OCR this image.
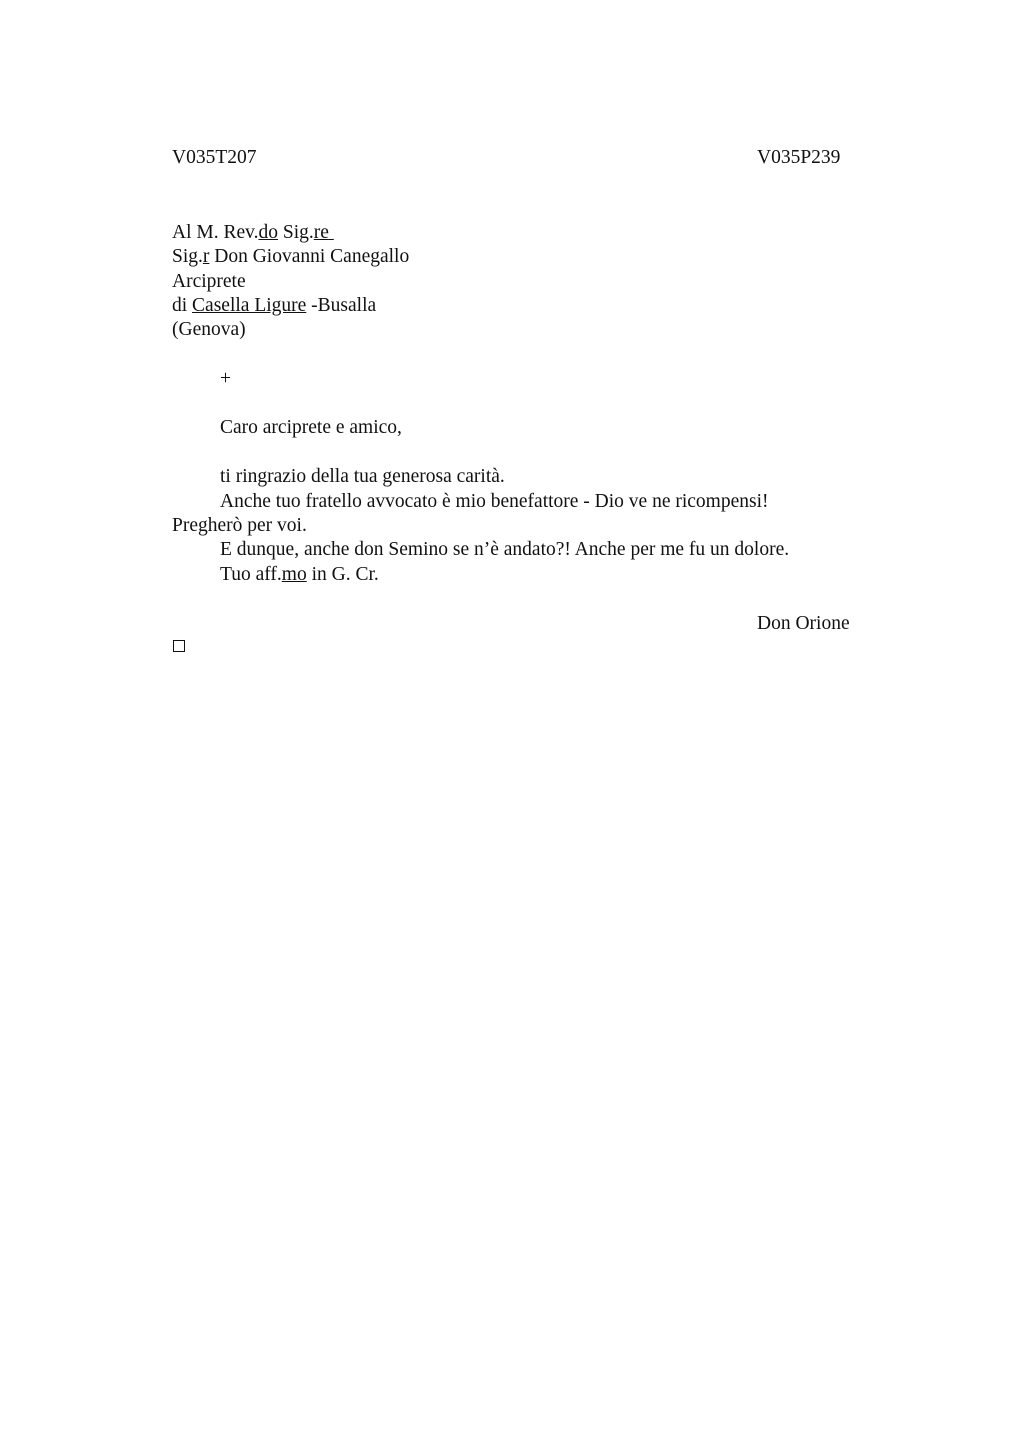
V035T207	V035P239
Al M. Rev.do Sig.re
Sig.r Don Giovanni Canegallo
Arciprete
di Casella Ligure -Busalla
(Genova)
+
Caro arciprete e amico,
ti ringrazio della tua generosa carità.
Anche tuo fratello avvocato è mio benefattore - Dio ve ne ricompensi!
Pregherò per voi.
E dunque, anche don Semino se n’è andato?! Anche per me fu un dolore.
Tuo aff.mo in G. Cr.
Don Orione
